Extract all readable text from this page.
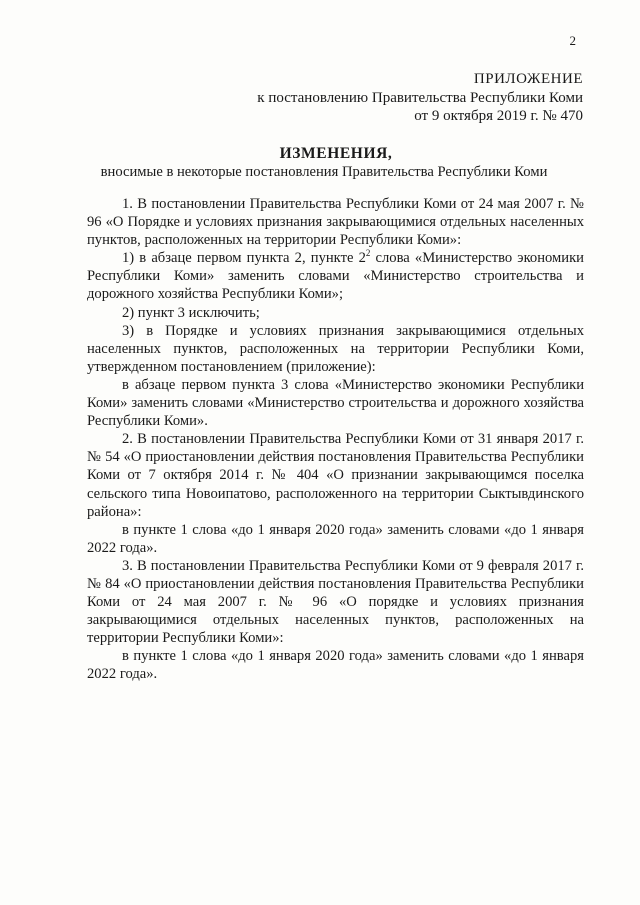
2
ПРИЛОЖЕНИЕ
к постановлению Правительства Республики Коми
от 9 октября 2019 г. № 470
ИЗМЕНЕНИЯ,
вносимые в некоторые постановления Правительства Республики Коми

1. В постановлении Правительства Республики Коми от 24 мая 2007 г. № 96 «О Порядке и условиях признания закрывающимися отдельных населенных пунктов, расположенных на территории Республики Коми»:

1) в абзаце первом пункта 2, пункте $2^2$ слова «Министерство экономики Республики Коми» заменить словами «Министерство строительства и дорожного хозяйства Республики Коми»;

2) пункт 3 исключить;

3) в Порядке и условиях признания закрывающимися отдельных населенных пунктов, расположенных на территории Республики Коми, утвержденном постановлением (приложение):

в абзаце первом пункта 3 слова «Министерство экономики Республики Коми» заменить словами «Министерство строительства и дорожного хозяйства Республики Коми».

2. В постановлении Правительства Республики Коми от 31 января 2017 г. № 54 «О приостановлении действия постановления Правительства Республики Коми от 7 октября 2014 г. № 404 «О признании закрывающимся поселка сельского типа Новоипатово, расположенного на территории Сыктывдинского района»:

в пункте 1 слова «до 1 января 2020 года» заменить словами «до 1 января 2022 года».

3. В постановлении Правительства Республики Коми от 9 февраля 2017 г. № 84 «О приостановлении действия постановления Правительства Республики Коми от 24 мая 2007 г. № 96 «О порядке и условиях признания закрывающимися отдельных населенных пунктов, расположенных на территории Республики Коми»:

в пункте 1 слова «до 1 января 2020 года» заменить словами «до 1 января 2022 года».
